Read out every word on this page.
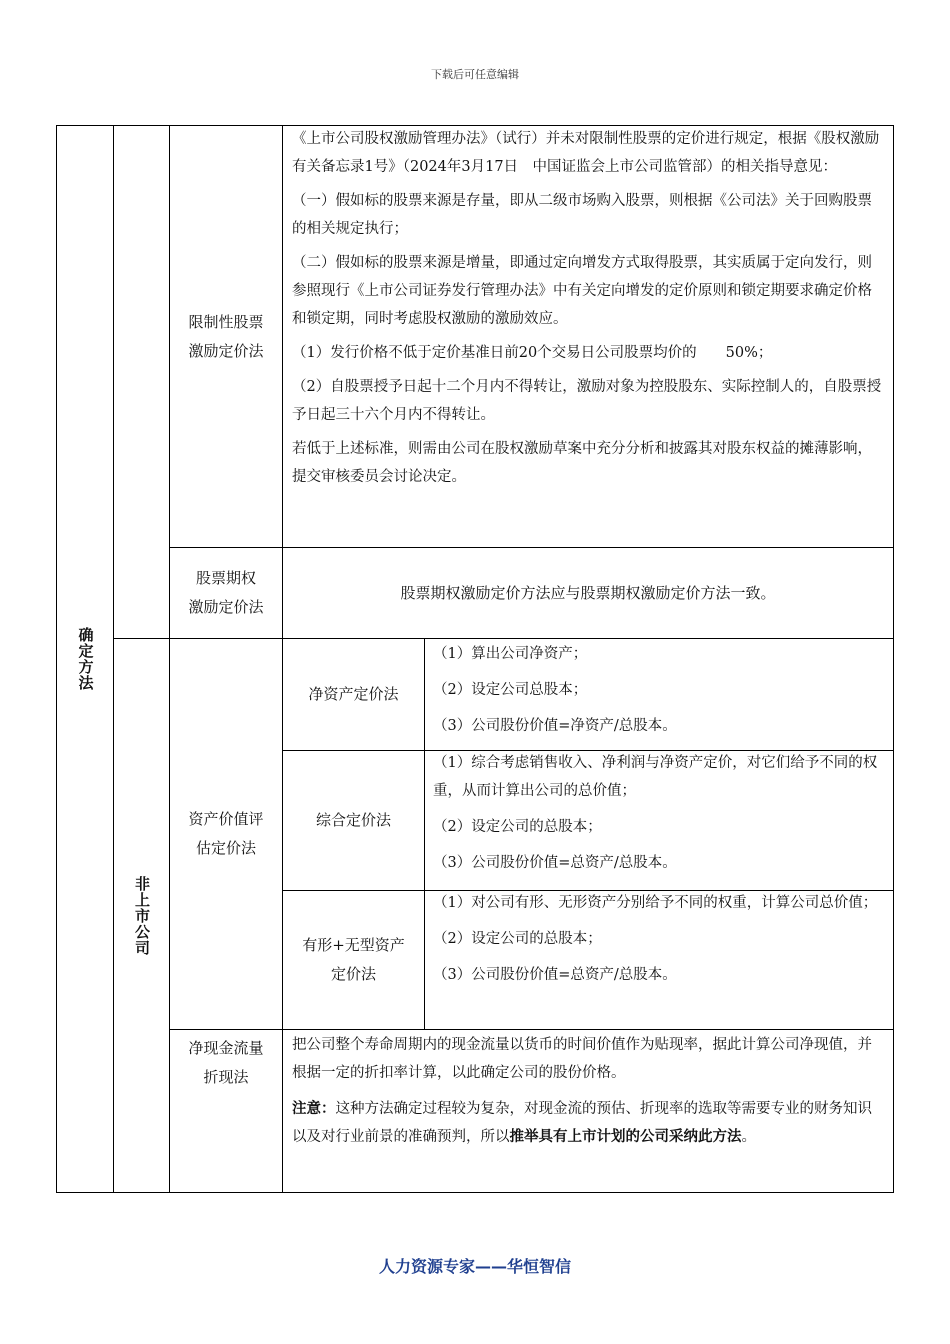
下载后可任意编辑
确定方法
非上市公司
限制性股票
激励定价法

《上市公司股权激励管理办法》（试行）并未对限制性股票的定价进行规定，根据《股权激励有关备忘录1号》（2024年3月17日　中国证监会上市公司监管部）的相关指导意见：

（一）假如标的股票来源是存量，即从二级市场购入股票，则根据《公司法》关于回购股票的相关规定执行；

（二）假如标的股票来源是增量，即通过定向增发方式取得股票，其实质属于定向发行，则参照现行《上市公司证券发行管理办法》中有关定向增发的定价原则和锁定期要求确定价格和锁定期，同时考虑股权激励的激励效应。

（1）发行价格不低于定价基准日前20个交易日公司股票均价的　　50%；

（2）自股票授予日起十二个月内不得转让，激励对象为控股股东、实际控制人的，自股票授予日起三十六个月内不得转让。

若低于上述标准，则需由公司在股权激励草案中充分分析和披露其对股东权益的摊薄影响，提交审核委员会讨论决定。

股票期权
激励定价法
股票期权激励定价方法应与股票期权激励定价方法一致。
资产价值评
估定价法
净资产定价法

（1）算出公司净资产；

（2）设定公司总股本；

（3）公司股份价值=净资产/总股本。

综合定价法

（1）综合考虑销售收入、净利润与净资产定价，对它们给予不同的权重，从而计算出公司的总价值；

（2）设定公司的总股本；

（3）公司股份价值=总资产/总股本。

有形+无型资产
定价法

（1）对公司有形、无形资产分别给予不同的权重，计算公司总价值；

（2）设定公司的总股本；

（3）公司股份价值=总资产/总股本。

净现金流量
折现法

把公司整个寿命周期内的现金流量以货币的时间价值作为贴现率，据此计算公司净现值，并根据一定的折扣率计算，以此确定公司的股份价格。

注意：这种方法确定过程较为复杂，对现金流的预估、折现率的选取等需要专业的财务知识以及对行业前景的准确预判，所以推举具有上市计划的公司采纳此方法。

人力资源专家——华恒智信
